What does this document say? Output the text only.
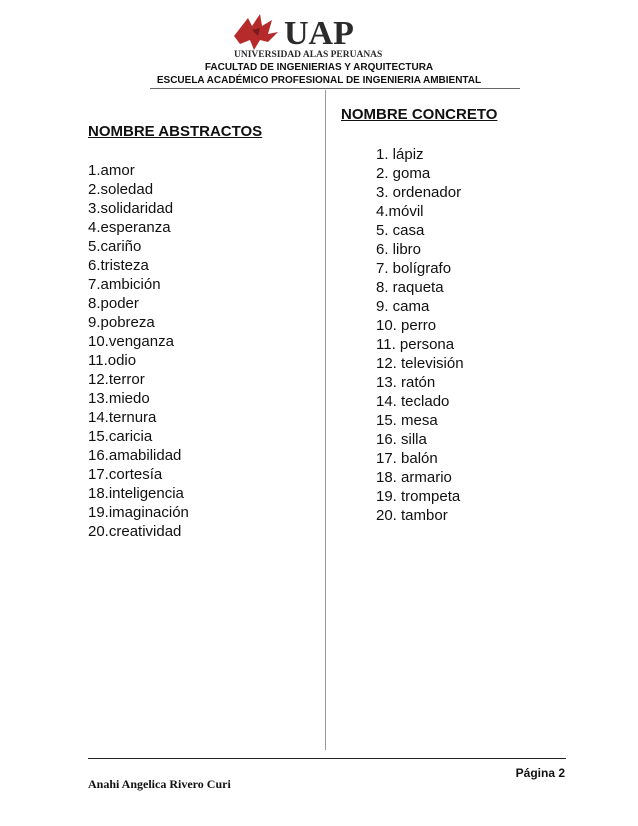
UAP
UNIVERSIDAD ALAS PERUANAS
FACULTAD DE INGENIERIAS Y ARQUITECTURA
ESCUELA ACADÉMICO PROFESIONAL DE INGENIERIA AMBIENTAL
NOMBRE ABSTRACTOS
1.amor
2.soledad
3.solidaridad
4.esperanza
5.cariño
6.tristeza
7.ambición
8.poder
9.pobreza
10.venganza
11.odio
12.terror
13.miedo
14.ternura
15.caricia
16.amabilidad
17.cortesía
18.inteligencia
19.imaginación
20.creatividad
NOMBRE CONCRETO
1. lápiz
2. goma
3. ordenador
4.móvil
5. casa
6. libro
7. bolígrafo
8. raqueta
9. cama
10. perro
11. persona
12. televisión
13. ratón
14. teclado
15. mesa
16. silla
17. balón
18. armario
19. trompeta
20. tambor
Página 2
Anahi Angelica Rivero Curi
